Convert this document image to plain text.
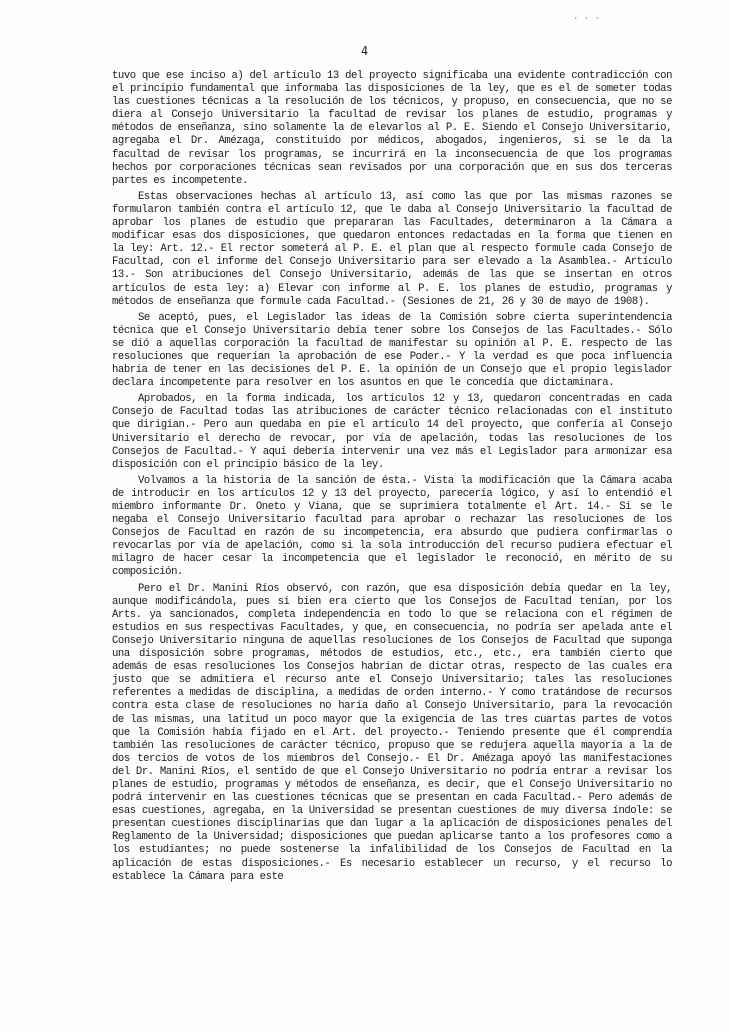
· · ·
4

tuvo que ese inciso a) del artículo 13 del proyecto significaba una evidente contradicción con el principio fundamental que informaba las disposiciones de la ley, que es el de someter todas las cuestiones técnicas a la resolución de los técnicos, y propuso, en consecuencia, que no se diera al Consejo Universitario la facultad de revisar los planes de estudio, programas y métodos de enseñanza, sino solamente la de elevarlos al P. E. Siendo el Consejo Universitario, agregaba el Dr. Amézaga, constituido por médicos, abogados, ingenieros, si se le da la facultad de revisar los programas, se incurrirá en la inconsecuencia de que los programas hechos por corporaciones técnicas sean revisados por una corporación que en sus dos terceras partes es incompetente.

Estas observaciones hechas al artículo 13, así como las que por las mismas razones se formularon también contra el artículo 12, que le daba al Consejo Universitario la facultad de aprobar los planes de estudio que prepararan las Facultades, determinaron a la Cámara a modificar esas dos disposiciones, que quedaron entonces redactadas en la forma que tienen en la ley: Art. 12.- El rector someterá al P. E. el plan que al respecto formule cada Consejo de Facultad, con el informe del Consejo Universitario para ser elevado a la Asamblea.- Artículo 13.- Son atribuciones del Consejo Universitario, además de las que se insertan en otros artículos de esta ley: a) Elevar con informe al P. E. los planes de estudio, programas y métodos de enseñanza que formule cada Facultad.- (Sesiones de 21, 26 y 30 de mayo de 1908).

Se aceptó, pues, el Legislador las ideas de la Comisión sobre cierta superintendencia técnica que el Consejo Universitario debía tener sobre los Consejos de las Facultades.- Sólo se dió a aquellas corporación la facultad de manifestar su opinión al P. E. respecto de las resoluciones que requerían la aprobación de ese Poder.- Y la verdad es que poca influencia habría de tener en las decisiones del P. E. la opinión de un Consejo que el propio legislador declara incompetente para resolver en los asuntos en que le concedía que dictaminara.

Aprobados, en la forma indicada, los artículos 12 y 13, quedaron concentradas en cada Consejo de Facultad todas las atribuciones de carácter técnico relacionadas con el instituto que dirigían.- Pero aun quedaba en pie el artículo 14 del proyecto, que confería al Consejo Universitario el derecho de revocar, por vía de apelación, todas las resoluciones de los Consejos de Facultad.- Y aquí debería intervenir una vez más el Legislador para armonizar esa disposición con el principio básico de la ley.

Volvamos a la historia de la sanción de ésta.- Vista la modificación que la Cámara acaba de introducir en los artículos 12 y 13 del proyecto, parecería lógico, y así lo entendió el miembro informante Dr. Oneto y Viana, que se suprimiera totalmente el Art. 14.- Si se le negaba el Consejo Universitario facultad para aprobar o rechazar las resoluciones de los Consejos de Facultad en razón de su incompetencia, era absurdo que pudiera confirmarlas o revocarlas por vía de apelación, como si la sola introducción del recurso pudiera efectuar el milagro de hacer cesar la incompetencia que el legislador le reconoció, en mérito de su composición.

Pero el Dr. Manini Ríos observó, con razón, que esa disposición debía quedar en la ley, aunque modificándola, pues si bien era cierto que los Consejos de Facultad tenían, por los Arts. ya sancionados, completa independencia en todo lo que se relaciona con el régimen de estudios en sus respectivas Facultades, y que, en consecuencia, no podría ser apelada ante el Consejo Universitario ninguna de aquellas resoluciones de los Consejos de Facultad que suponga una disposición sobre programas, métodos de estudios, etc., etc., era también cierto que además de esas resoluciones los Consejos habrían de dictar otras, respecto de las cuales era justo que se admitiera el recurso ante el Consejo Universitario; tales las resoluciones referentes a medidas de disciplina, a medidas de orden interno.- Y como tratándose de recursos contra esta clase de resoluciones no haría daño al Consejo Universitario, para la revocación de las mismas, una latitud un poco mayor que la exigencia de las tres cuartas partes de votos que la Comisión había fijado en el Art. del proyecto.- Teniendo presente que él comprendía también las resoluciones de carácter técnico, propuso que se redujera aquella mayoría a la de dos tercios de votos de los miembros del Consejo.- El Dr. Amézaga apoyó las manifestaciones del Dr. Manini Ríos, el sentido de que el Consejo Universitario no podría entrar a revisar los planes de estudio, programas y métodos de enseñanza, es decir, que el Consejo Universitario no podrá intervenir en las cuestiones técnicas que se presentan en cada Facultad.- Pero además de esas cuestiones, agregaba, en la Universidad se presentan cuestiones de muy diversa índole: se presentan cuestiones disciplinarias que dan lugar a la aplicación de disposiciones penales del Reglamento de la Universidad; disposiciones que puedan aplicarse tanto a los profesores como a los estudiantes; no puede sostenerse la infalibilidad de los Consejos de Facultad en la aplicación de estas disposiciones.- Es necesario establecer un recurso, y el recurso lo establece la Cámara para este
